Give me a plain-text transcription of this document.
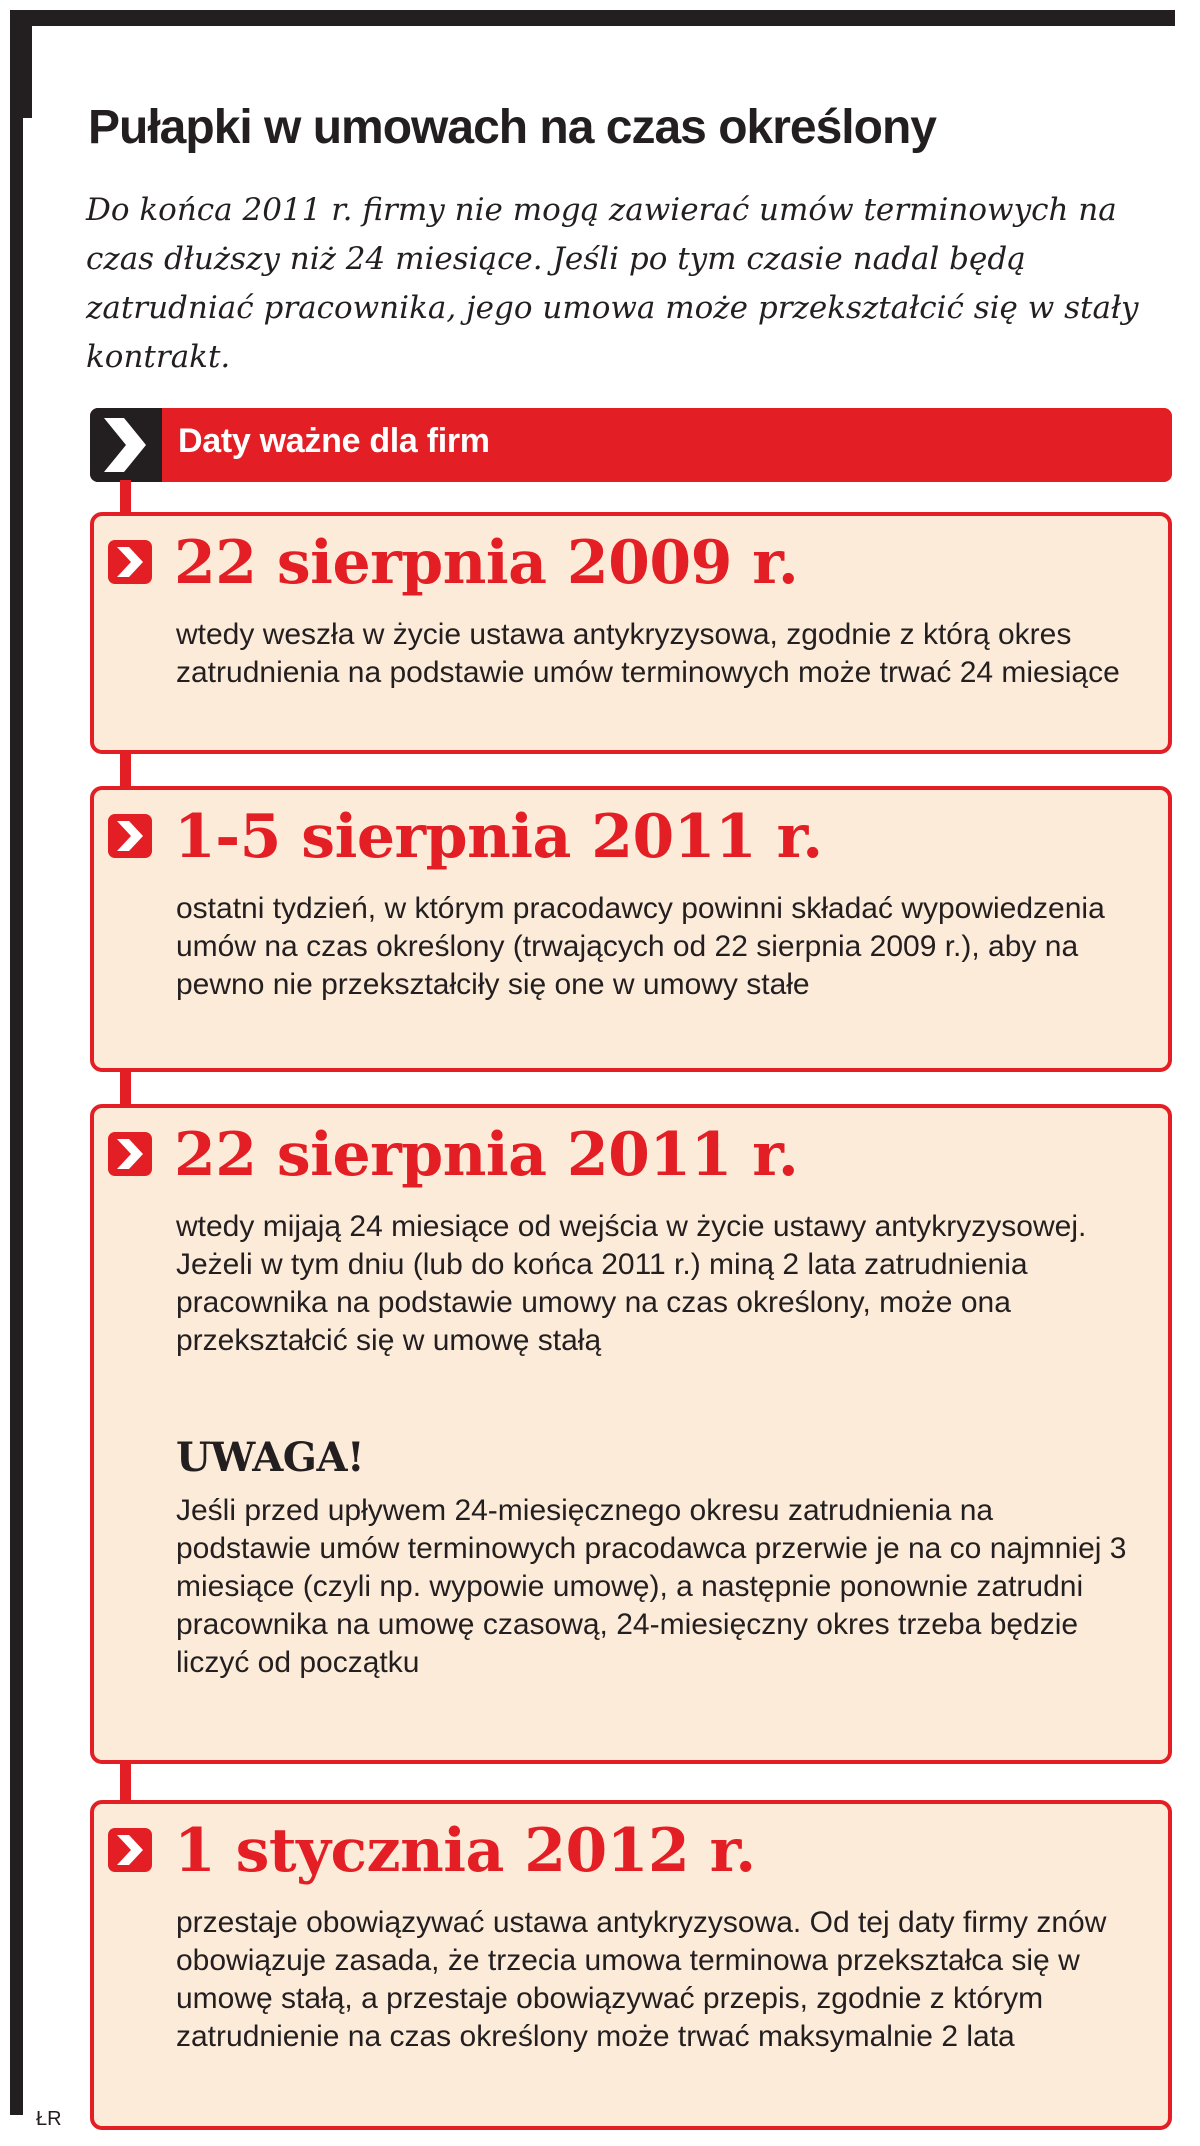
Pułapki w umowach na czas określony

Do końca 2011 r. firmy nie mogą zawierać umów terminowych na czas dłuższy niż 24 miesiące. Jeśli po tym czasie nadal będą zatrudniać pracownika, jego umowa może przekształcić się w stały kontrakt.

Daty ważne dla firm
22 sierpnia 2009 r.
wtedy weszła w życie ustawa antykryzysowa, zgodnie z którą okres zatrudnienia na podstawie umów terminowych może trwać 24 miesiące
1-5 sierpnia 2011 r.
ostatni tydzień, w którym pracodawcy powinni składać wypowiedzenia umów na czas określony (trwających od 22 sierpnia 2009 r.), aby na pewno nie przekształciły się one w umowy stałe
22 sierpnia 2011 r.
wtedy mijają 24 miesiące od wejścia w życie ustawy antykryzysowej. Jeżeli w tym dniu (lub do końca 2011 r.) miną 2 lata zatrudnienia pracownika na podstawie umowy na czas określony, może ona przekształcić się w umowę stałą
UWAGA!
Jeśli przed upływem 24-miesięcznego okresu zatrudnienia na podstawie umów terminowych pracodawca przerwie je na co najmniej 3 miesiące (czyli np. wypowie umowę), a następnie ponownie zatrudni pracownika na umowę czasową, 24-miesięczny okres trzeba będzie liczyć od początku
1 stycznia 2012 r.
przestaje obowiązywać ustawa antykryzysowa. Od tej daty firmy znów obowiązuje zasada, że trzecia umowa terminowa przekształca się w umowę stałą, a przestaje obowiązywać przepis, zgodnie z którym zatrudnienie na czas określony może trwać maksymalnie 2 lata
ŁR
